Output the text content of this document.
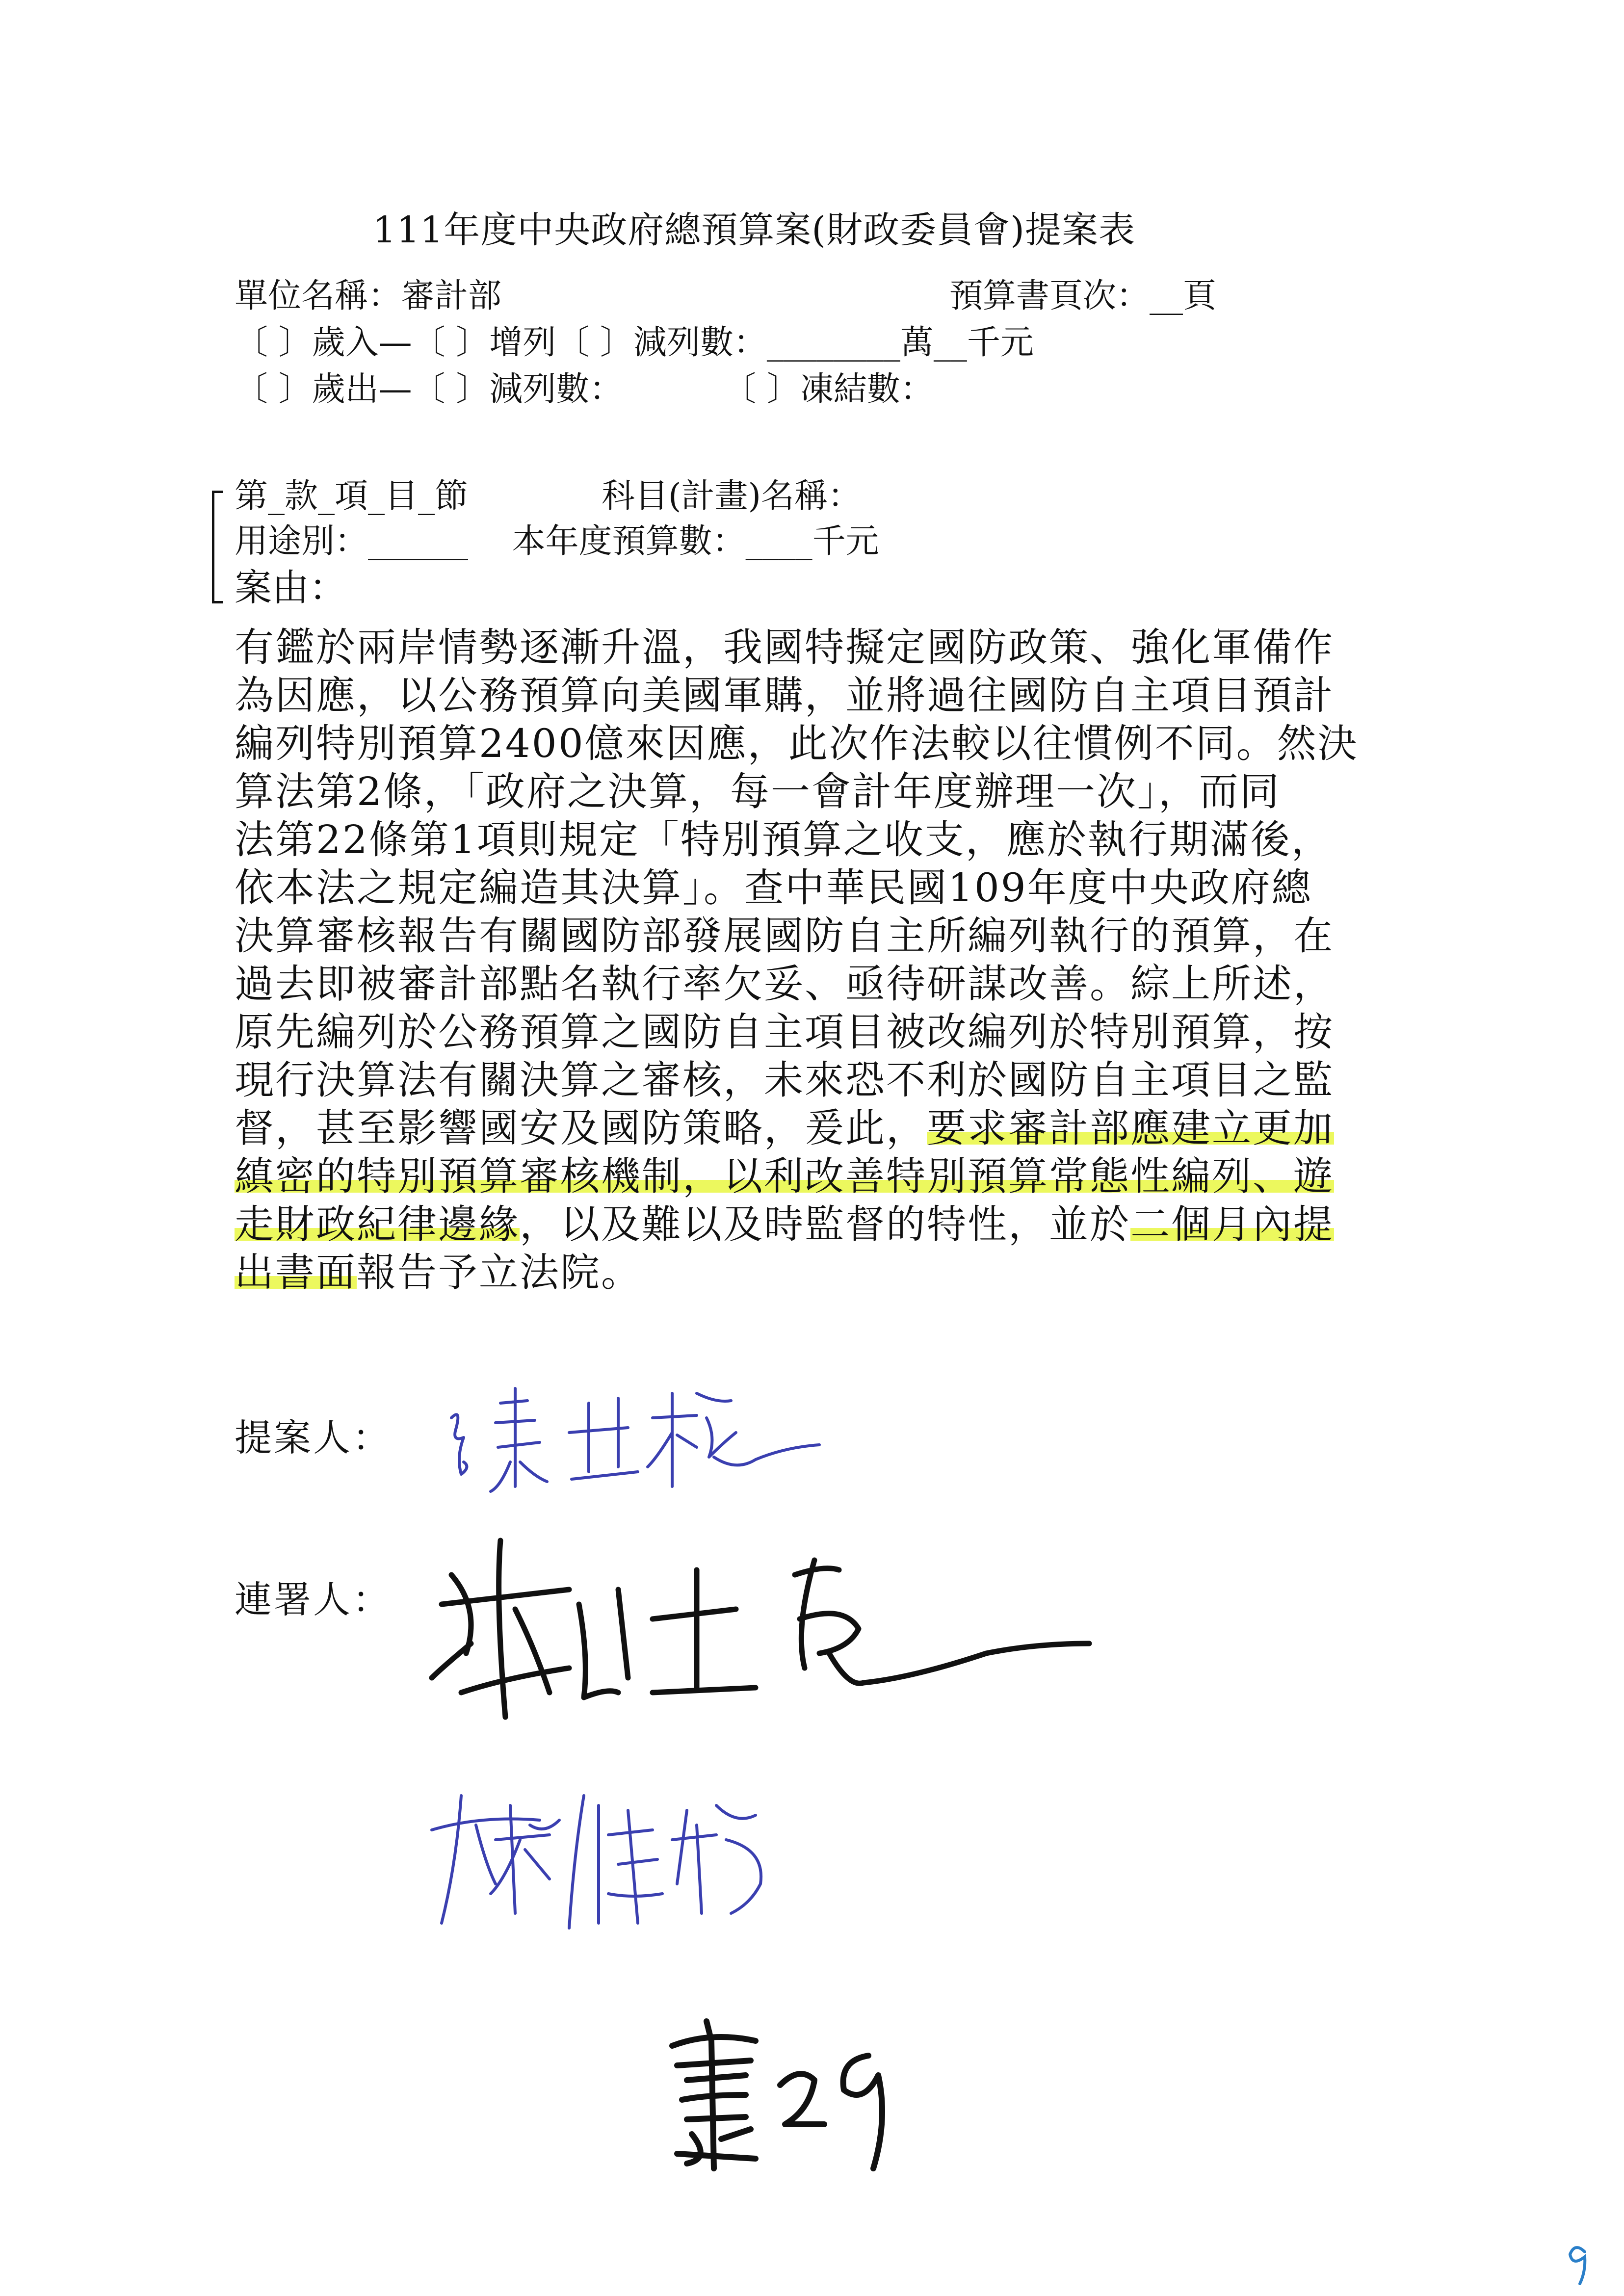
111年度中央政府總預算案(財政委員會)提案表
單位名稱：審計部	預算書頁次：__頁
〔 〕歲入—〔 〕增列〔 〕減列數：________萬__千元
〔 〕歲出—〔 〕減列數：　　　　〔 〕凍結數：
第_款_項_目_節　　　　科目(計畫)名稱：
用途別：______　 本年度預算數：____千元
案由：
有鑑於兩岸情勢逐漸升溫，我國特擬定國防政策、強化軍備作
為因應，以公務預算向美國軍購，並將過往國防自主項目預計
編列特別預算2400億來因應，此次作法較以往慣例不同。然決
算法第2條，「政府之決算，每一會計年度辦理一次」，而同
法第22條第1項則規定「特別預算之收支，應於執行期滿後，
依本法之規定編造其決算」。查中華民國109年度中央政府總
決算審核報告有關國防部發展國防自主所編列執行的預算，在
過去即被審計部點名執行率欠妥、亟待研謀改善。綜上所述，
原先編列於公務預算之國防自主項目被改編列於特別預算，按
現行決算法有關決算之審核，未來恐不利於國防自主項目之監
督，甚至影響國安及國防策略，爰此，要求審計部應建立更加
縝密的特別預算審核機制，以利改善特別預算常態性編列、遊
走財政紀律邊緣，以及難以及時監督的特性，並於二個月內提
出書面報告予立法院。
提案人：
連署人：
